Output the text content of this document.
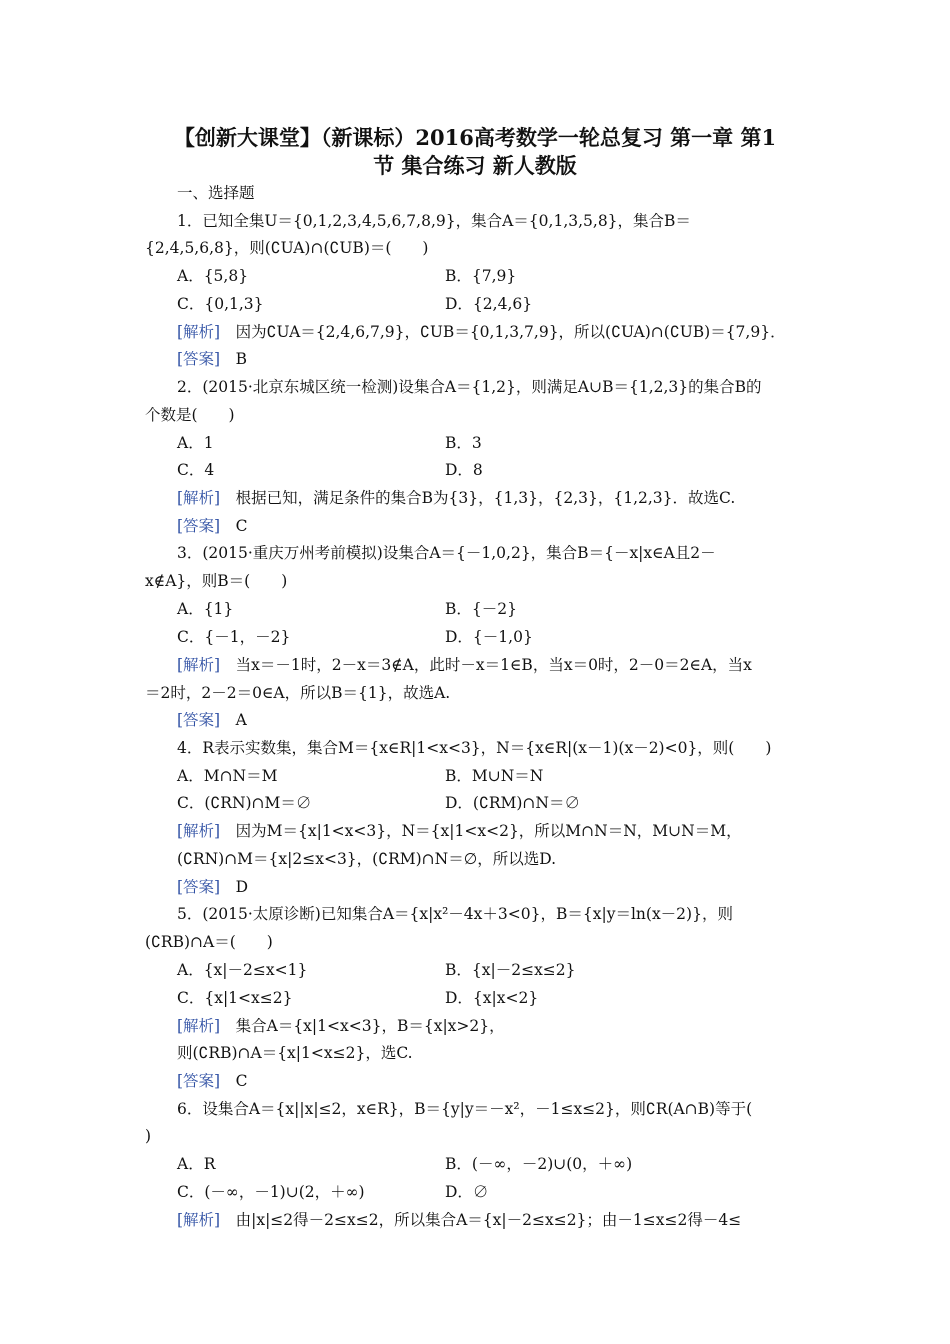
【创新大课堂】（新课标）2016高考数学一轮总复习 第一章 第1
节 集合练习 新人教版
一、选择题
1．已知全集U＝{0,1,2,3,4,5,6,7,8,9}，集合A＝{0,1,3,5,8}，集合B＝
{2,4,5,6,8}，则(∁UA)∩(∁UB)＝(　　)
A．{5,8}	B．{7,9}
C．{0,1,3}	D．{2,4,6}
[解析]　 因为∁UA＝{2,4,6,7,9}，∁UB＝{0,1,3,7,9}，所以(∁UA)∩(∁UB)＝{7,9}．
[答案]　 B
2．(2015·北京东城区统一检测)设集合A＝{1,2}，则满足A∪B＝{1,2,3}的集合B的
个数是(　　)
A．1	B．3
C．4	D．8
[解析]　 根据已知，满足条件的集合B为{3}，{1,3}，{2,3}，{1,2,3}．故选C.
[答案]　 C
3．(2015·重庆万州考前模拟)设集合A＝{－1,0,2}，集合B＝{－x|x∈A且2－
x∉A}，则B＝(　　)
A．{1}	B．{－2}
C．{－1，－2}	D．{－1,0}
[解析]　 当x＝－1时，2－x＝3∉A，此时－x＝1∈B，当x＝0时，2－0＝2∈A，当x
＝2时，2－2＝0∈A，所以B＝{1}，故选A.
[答案]　 A
4．R表示实数集，集合M＝{x∈R|1<x<3}，N＝{x∈R|(x－1)(x－2)<0}，则(　　)
A．M∩N＝M	B．M∪N＝N
C．(∁RN)∩M＝∅	D．(∁RM)∩N＝∅
[解析]　 因为M＝{x|1<x<3}，N＝{x|1<x<2}，所以M∩N＝N，M∪N＝M，
(∁RN)∩M＝{x|2≤x<3}，(∁RM)∩N＝∅，所以选D.
[答案]　 D
5．(2015·太原诊断)已知集合A＝{x|x²－4x＋3<0}，B＝{x|y＝ln(x－2)}，则
(∁RB)∩A＝(　　)
A．{x|－2≤x<1}	B．{x|－2≤x≤2}
C．{x|1<x≤2}	D．{x|x<2}
[解析]　 集合A＝{x|1<x<3}，B＝{x|x>2}，
则(∁RB)∩A＝{x|1<x≤2}，选C.
[答案]　 C
6．设集合A＝{x||x|≤2，x∈R}，B＝{y|y＝－x²，－1≤x≤2}，则∁R(A∩B)等于(
)
A．R	B．(－∞，－2)∪(0，＋∞)
C．(－∞，－1)∪(2，＋∞)	D．∅
[解析]　 由|x|≤2得－2≤x≤2，所以集合A＝{x|－2≤x≤2}；由－1≤x≤2得－4≤
